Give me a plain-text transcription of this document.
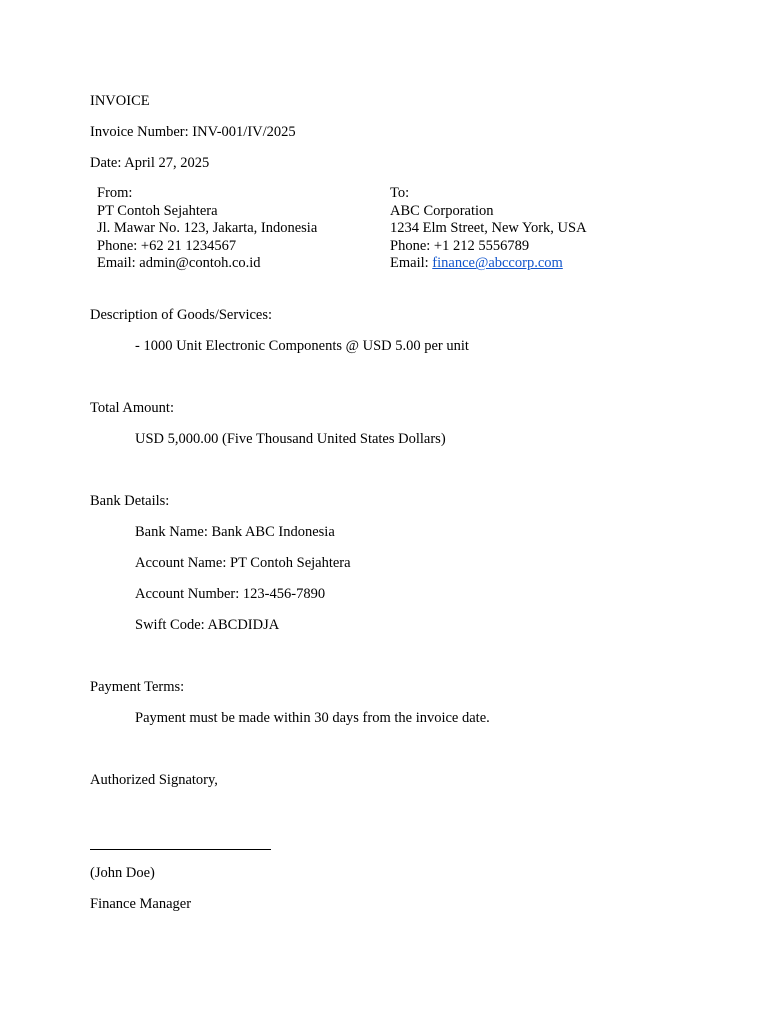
INVOICE
Invoice Number: INV-001/IV/2025
Date: April 27, 2025
From:
PT Contoh Sejahtera
Jl. Mawar No. 123, Jakarta, Indonesia
Phone: +62 21 1234567
Email: admin@contoh.co.id
To:
ABC Corporation
1234 Elm Street, New York, USA
Phone: +1 212 5556789
Email: finance@abccorp.com
Description of Goods/Services:
- 1000 Unit Electronic Components @ USD 5.00 per unit
Total Amount:
USD 5,000.00 (Five Thousand United States Dollars)
Bank Details:
Bank Name: Bank ABC Indonesia
Account Name: PT Contoh Sejahtera
Account Number: 123-456-7890
Swift Code: ABCDIDJA
Payment Terms:
Payment must be made within 30 days from the invoice date.
Authorized Signatory,
(John Doe)
Finance Manager
